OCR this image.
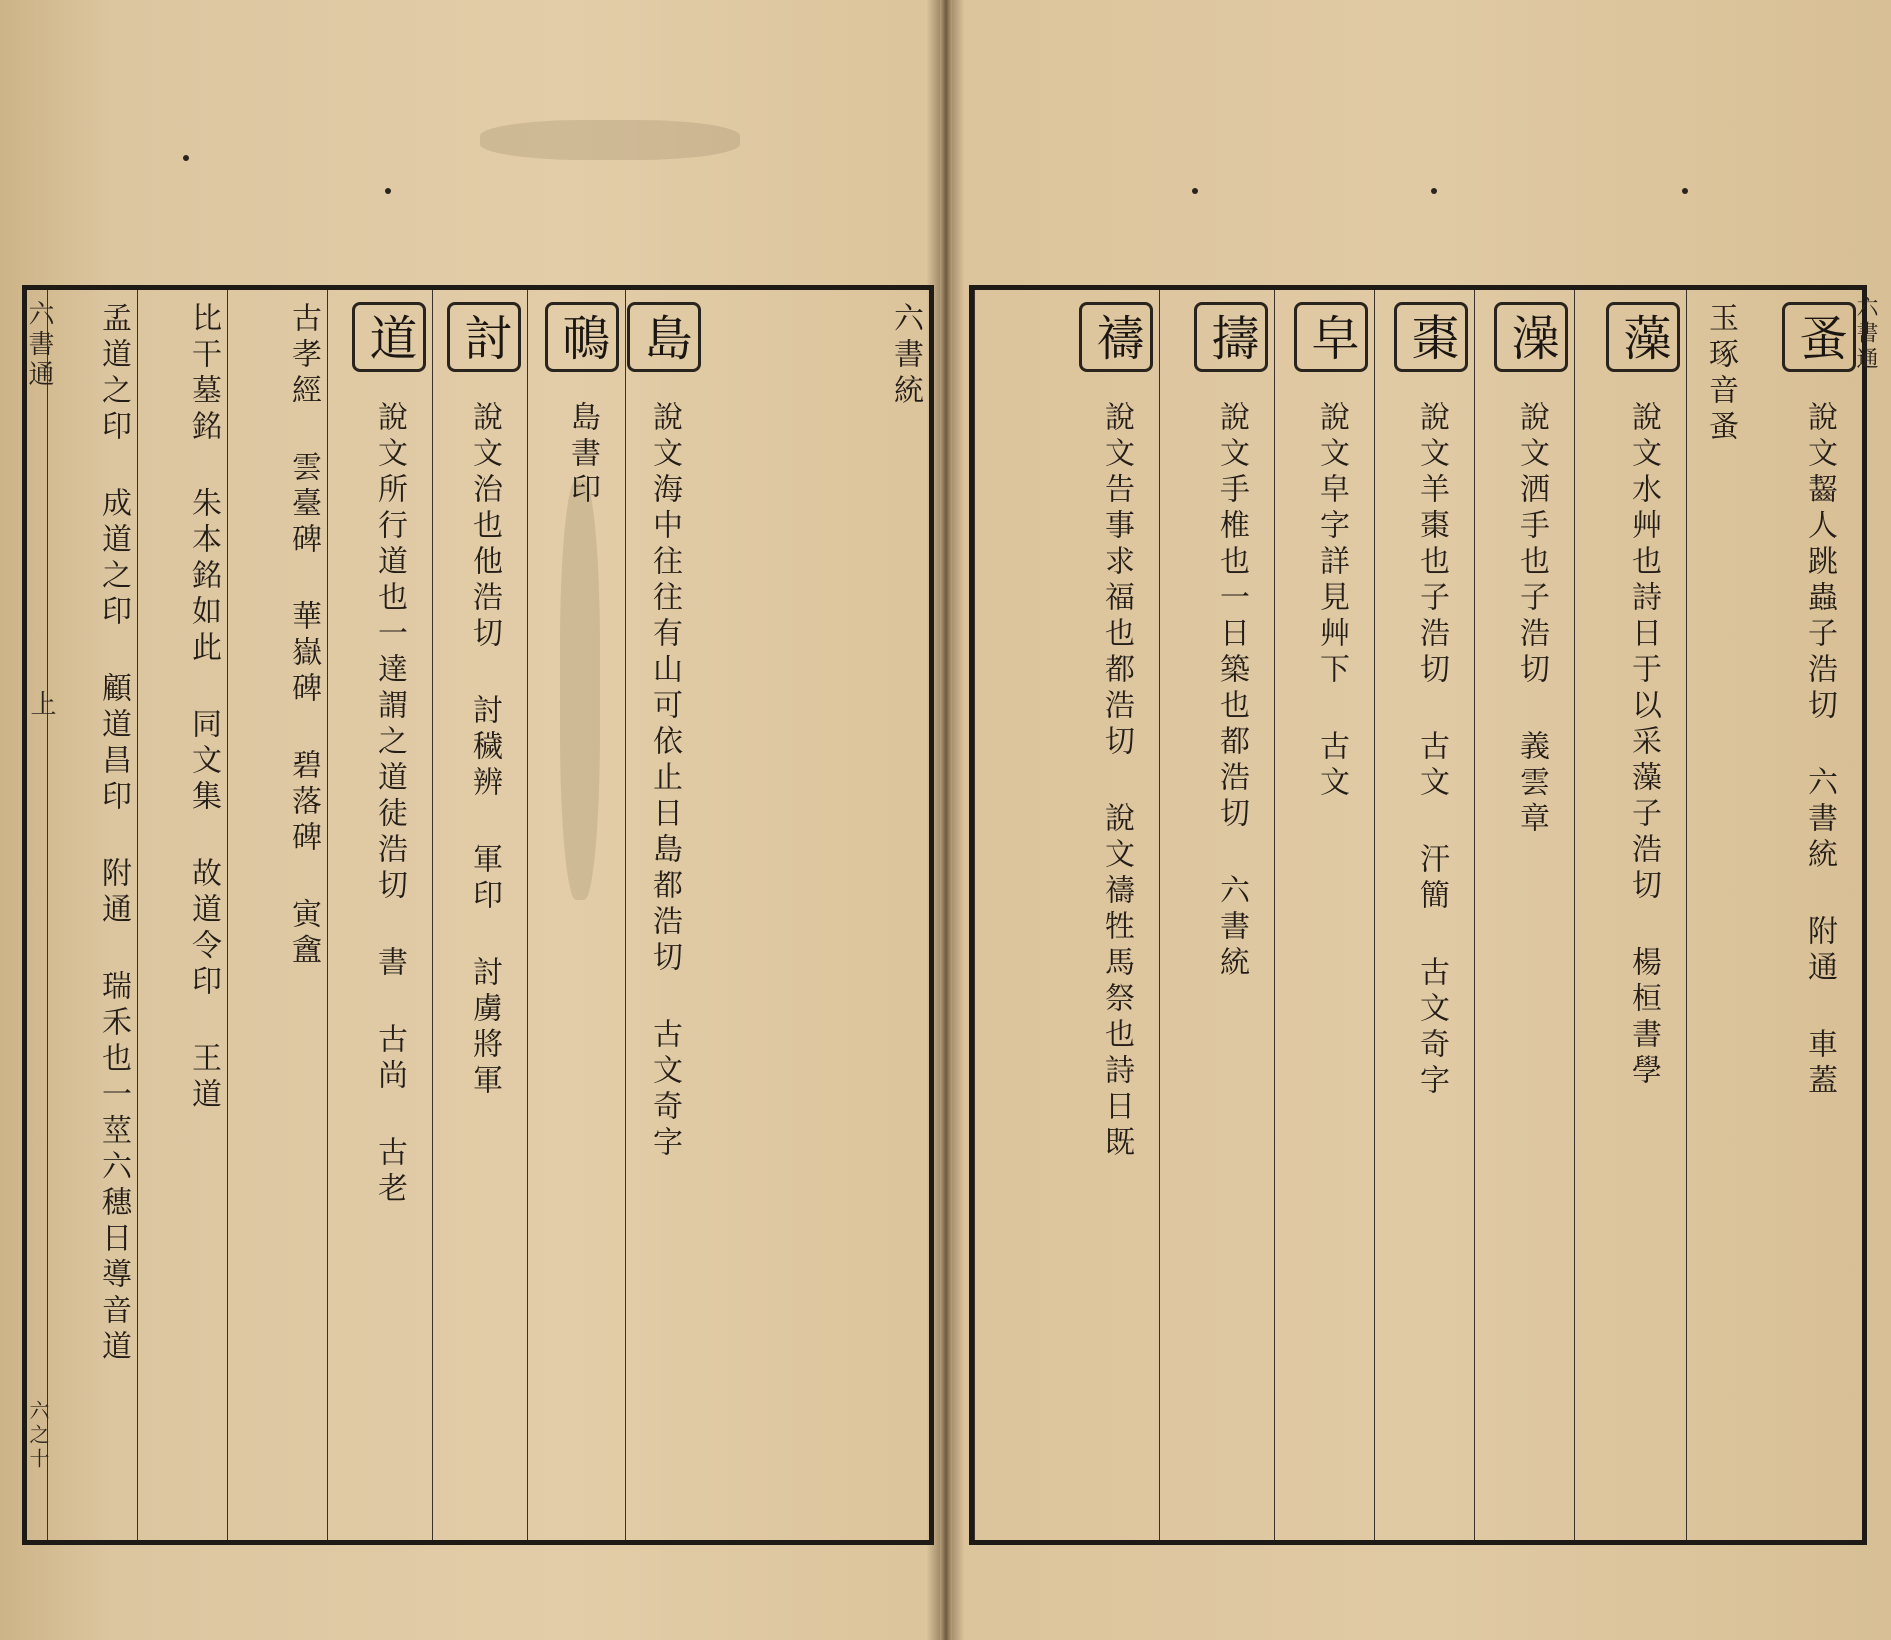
六書統
島 說文海中往往有山可依止日島都浩切 古文奇字
鳾 島書印
討 說文治也他浩切 討穢辨 軍印 討虜將軍
道 說文所行道也一達謂之道徒浩切 書 古尚 古老
古孝經 雲臺碑 華嶽碑 碧落碑 寅盦
比干墓銘 朱本銘如此 同文集 故道令印 王道
孟道之印 成道之印 顧道昌印 附通 瑞禾也一莖六穗日導音道
六書通
上
六之十
蚤 說文齧人跳蟲子浩切 六書統 附通 車蓋
玉琢音蚤
藻 說文水艸也詩日于以采藻子浩切 楊桓書學
澡 說文洒手也子浩切 義雲章
棗 說文羊棗也子浩切 古文 汗簡 古文奇字
皁 說文皁字詳見艸下 古文
擣 說文手椎也一日築也都浩切 六書統
禱 說文告事求福也都浩切 說文禱牲馬祭也詩日既
六書通
